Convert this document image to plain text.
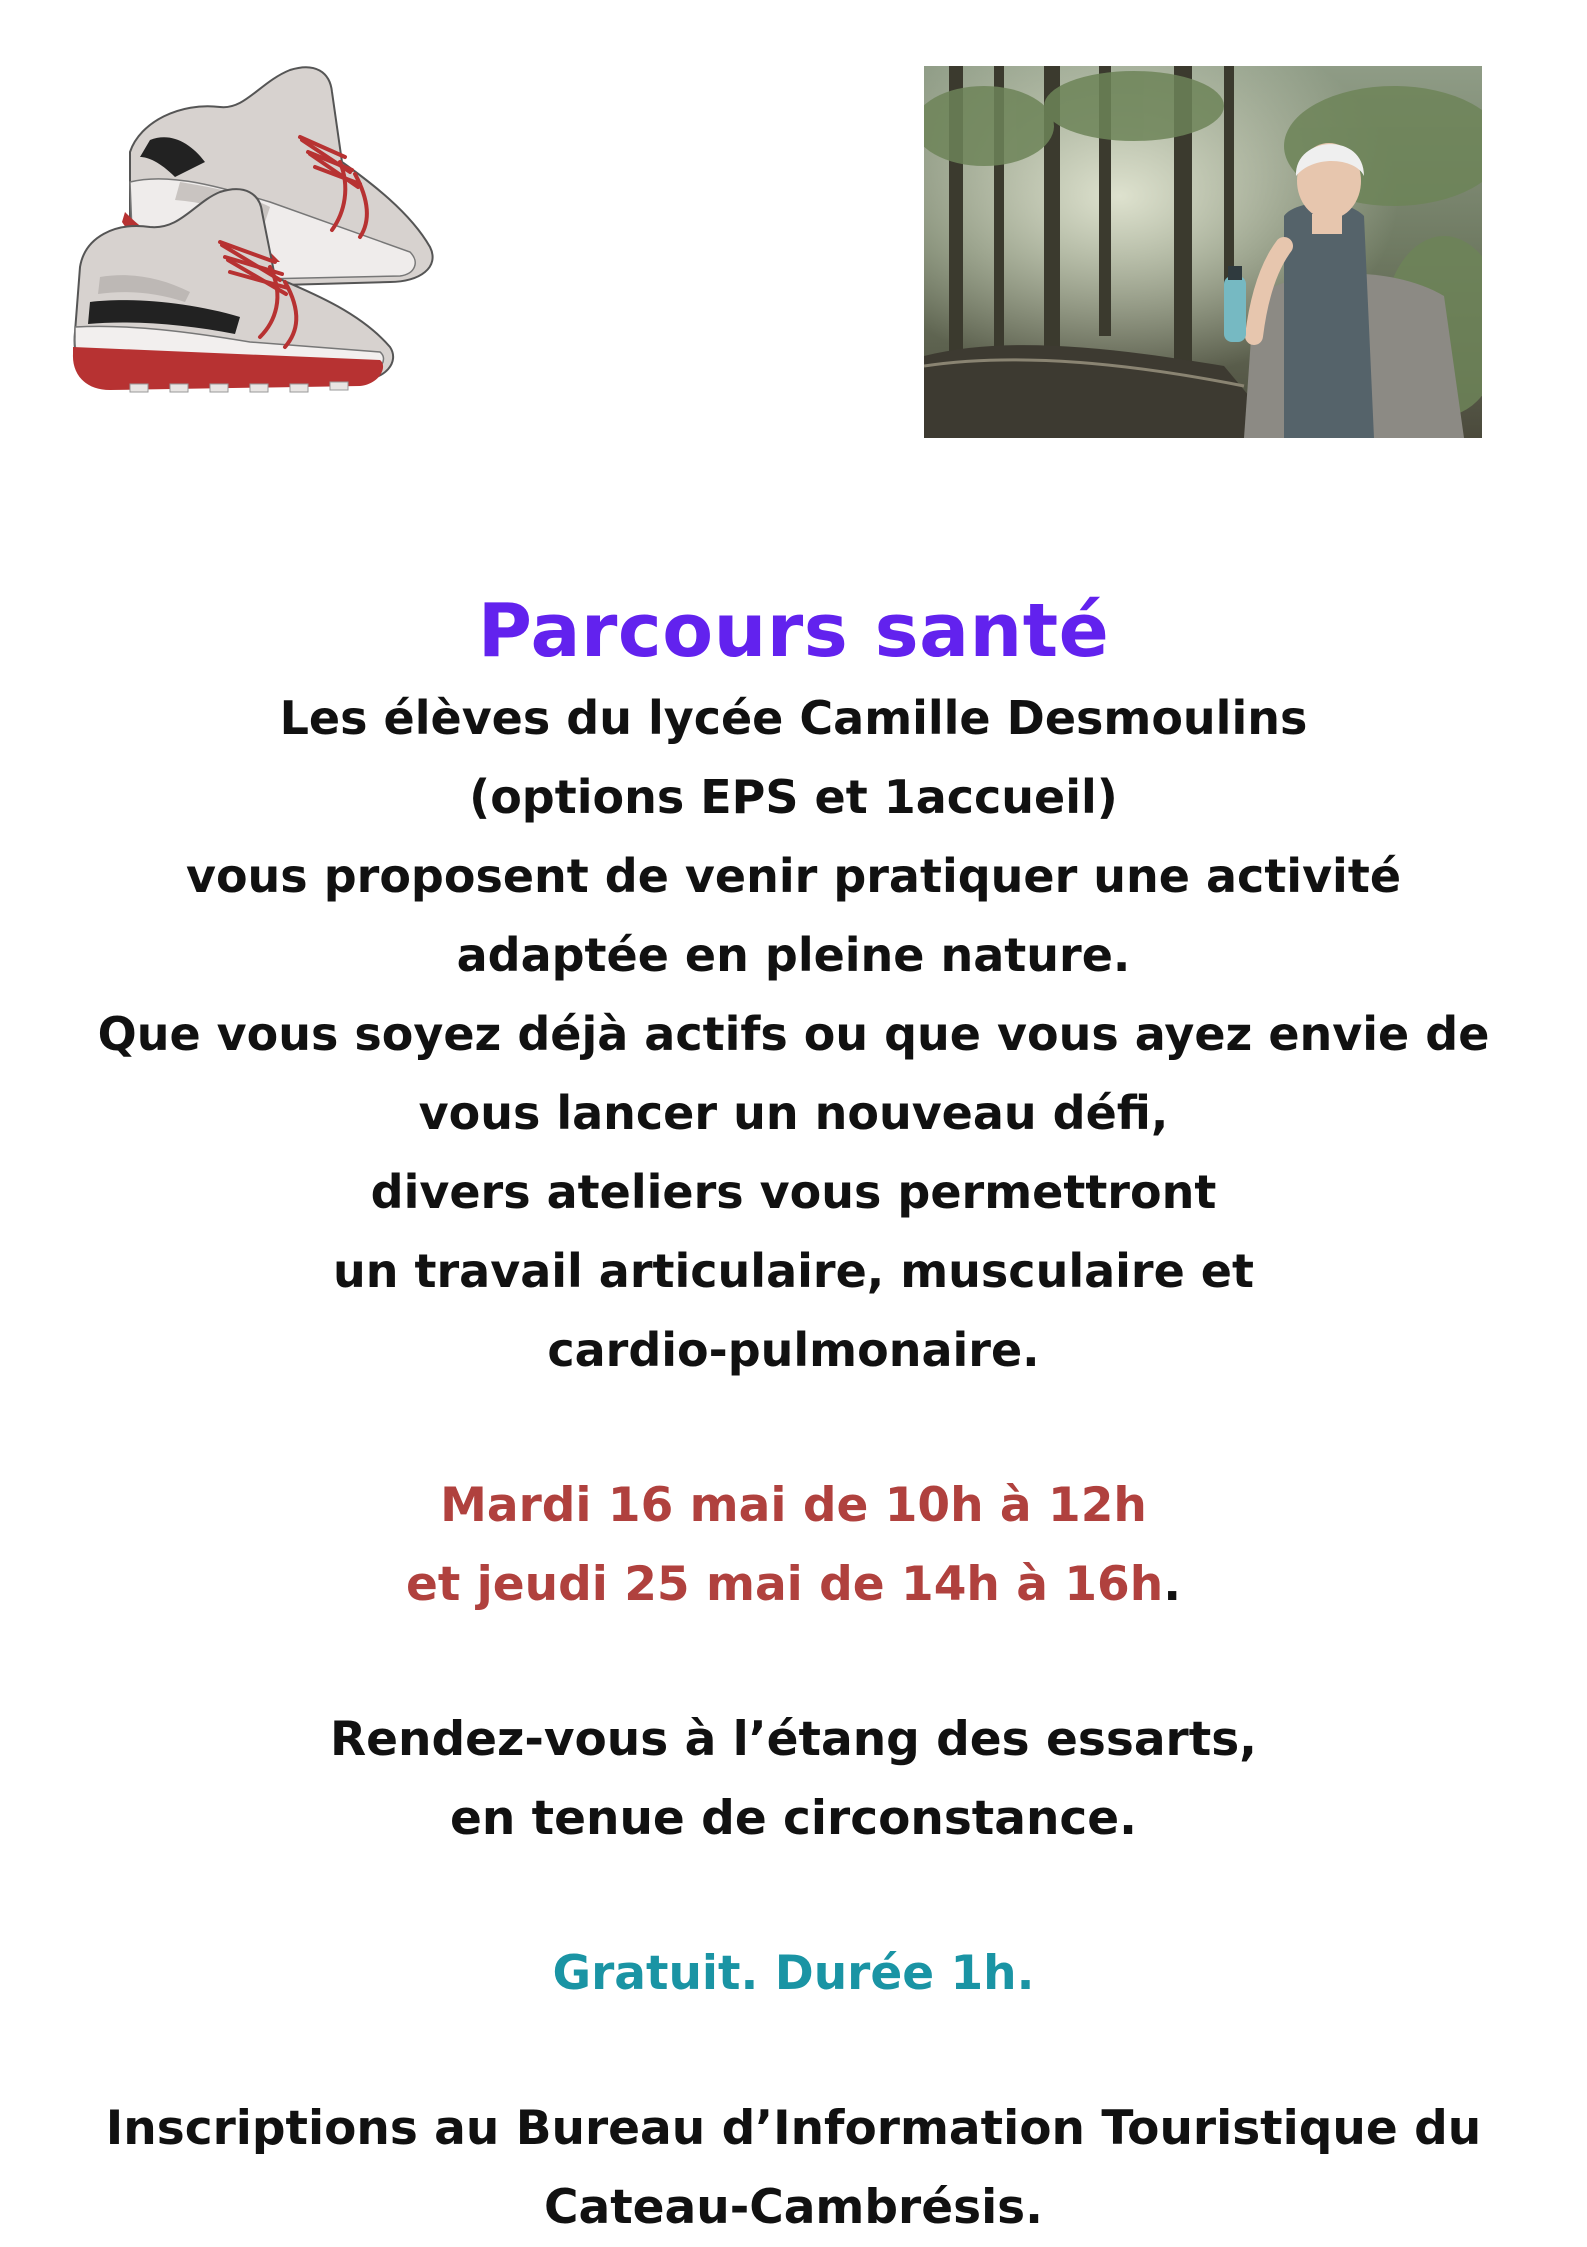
Parcours santé
Les élèves du lycée Camille Desmoulins
(options EPS et 1accueil)
vous proposent de venir pratiquer une activité
adaptée en pleine nature.
Que vous soyez déjà actifs ou que vous ayez envie de
vous lancer un nouveau défi,
divers ateliers vous permettront
un travail articulaire, musculaire et
cardio-pulmonaire.
Mardi 16 mai de 10h à 12h
et jeudi 25 mai de 14h à 16h.
Rendez-vous à l’étang des essarts,
en tenue de circonstance.
Gratuit. Durée 1h.
Inscriptions au Bureau d’Information Touristique du
Cateau-Cambrésis.
